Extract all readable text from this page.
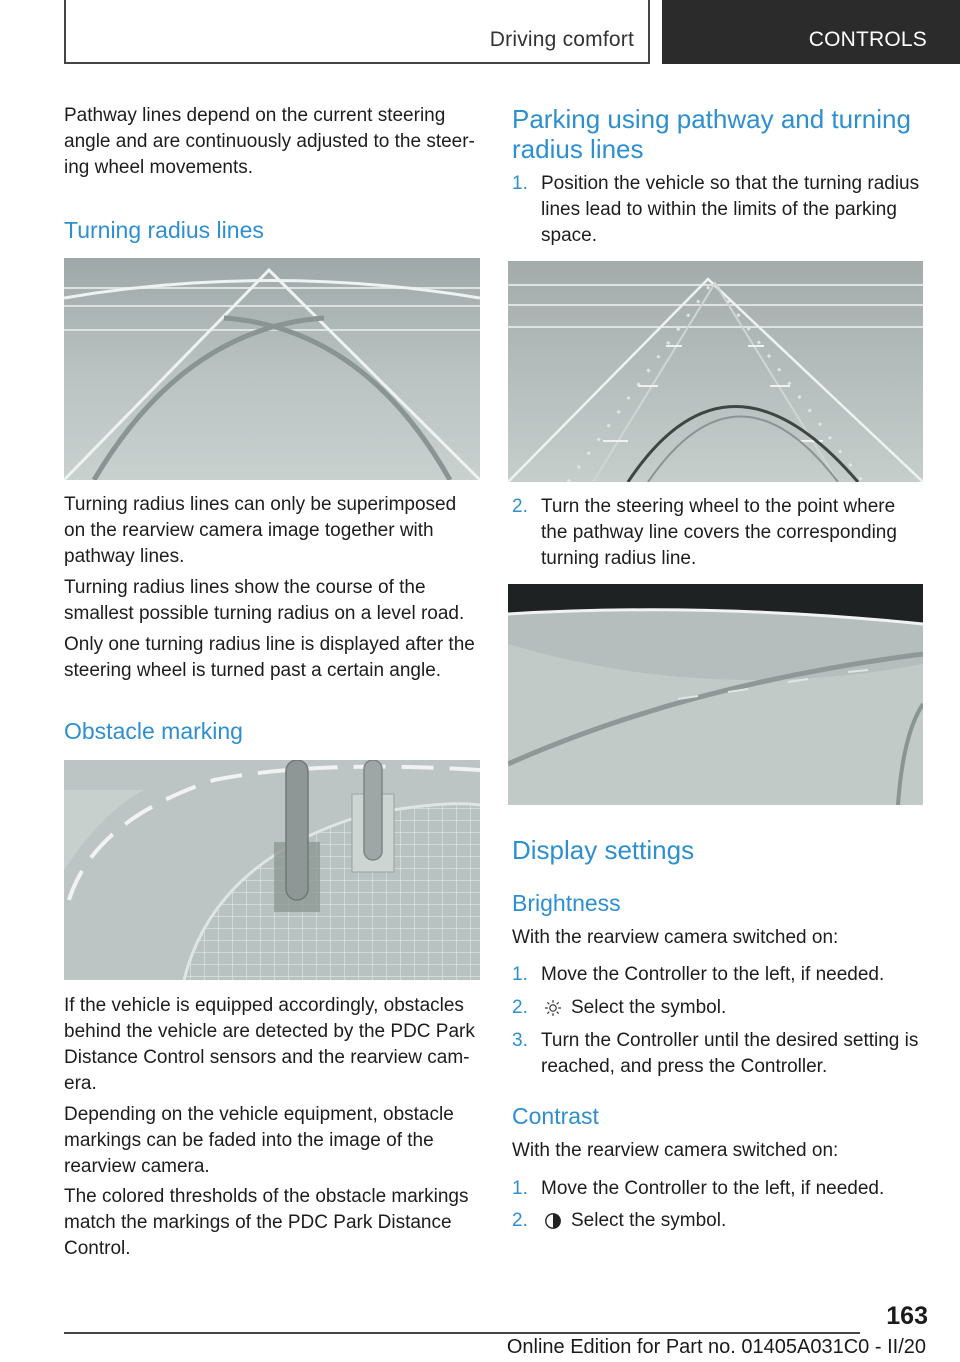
Driving comfort	CONTROLS

Pathway lines depend on the current steering angle and are continuously adjusted to the steer-ing wheel movements.

Turning radius lines

Turning radius lines can only be superimposed on the rearview camera image together with pathway lines.

Turning radius lines show the course of the smallest possible turning radius on a level road.

Only one turning radius line is displayed after the steering wheel is turned past a certain angle.

Obstacle marking

If the vehicle is equipped accordingly, obstacles behind the vehicle are detected by the PDC Park Distance Control sensors and the rearview cam-era.

Depending on the vehicle equipment, obstacle markings can be faded into the image of the rearview camera.

The colored thresholds of the obstacle markings match the markings of the PDC Park Distance Control.

Parking using pathway and turning radius lines
1. Position the vehicle so that the turning radius lines lead to within the limits of the parking space.
2. Turn the steering wheel to the point where the pathway line covers the corresponding turning radius line.
Display settings
Brightness

With the rearview camera switched on:

1. Move the Controller to the left, if needed.
2. Select the symbol.
3. Turn the Controller until the desired setting is reached, and press the Controller.
Contrast

With the rearview camera switched on:

1. Move the Controller to the left, if needed.
2. Select the symbol.
163
Online Edition for Part no. 01405A031C0 - II/20
